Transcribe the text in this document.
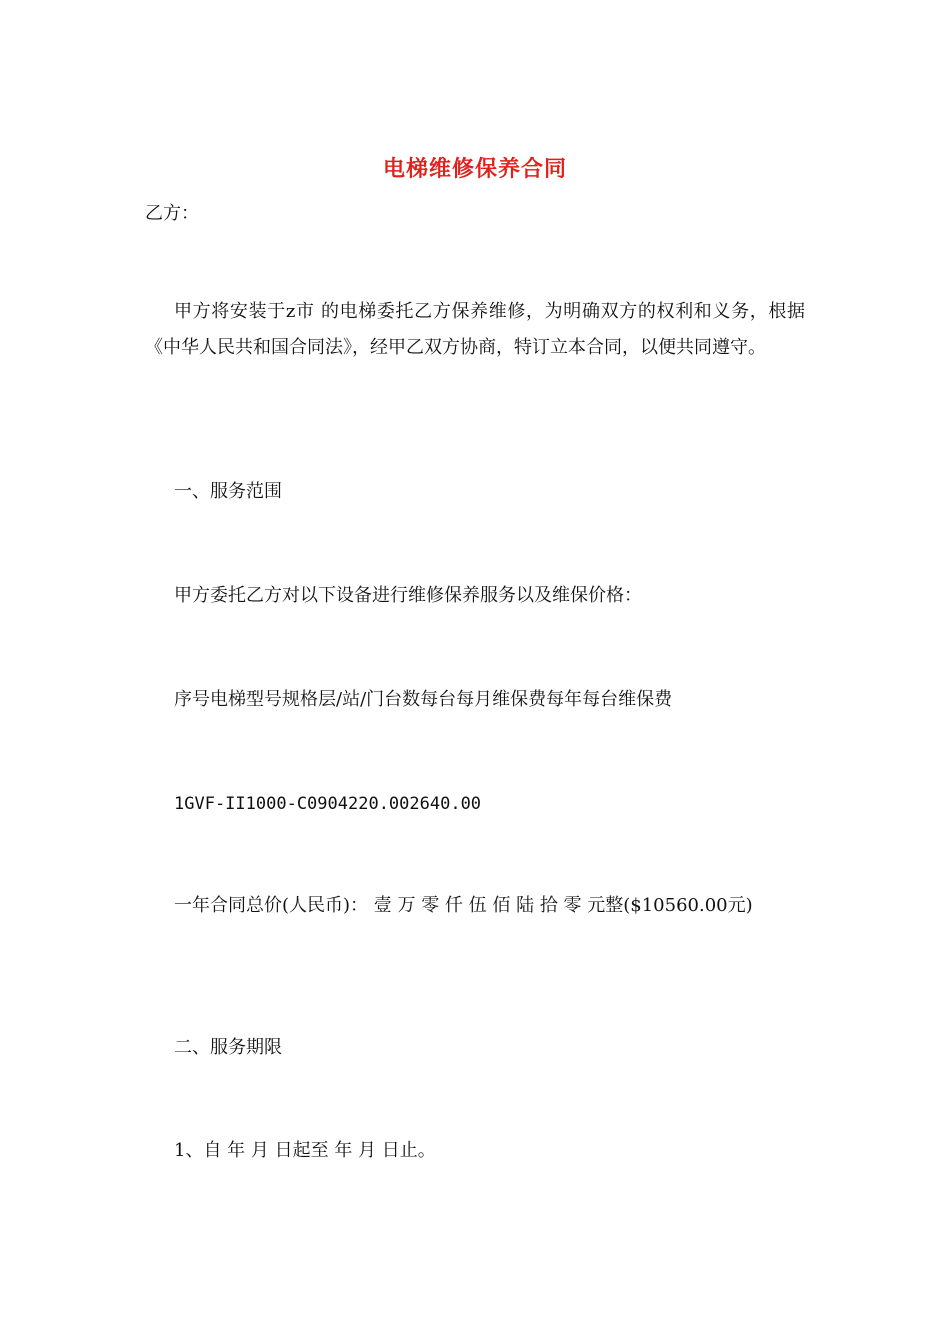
电梯维修保养合同
乙方：
甲方将安装于z市 的电梯委托乙方保养维修，为明确双方的权利和义务，根据《中华人民共和国合同法》，经甲乙双方协商，特订立本合同，以便共同遵守。
一、服务范围
甲方委托乙方对以下设备进行维修保养服务以及维保价格：
序号电梯型号规格层/站/门台数每台每月维保费每年每台维保费
1GVF-II1000-C0904220.002640.00
一年合同总价(人民币)： 壹 万 零 仟 伍 佰 陆 拾 零 元整($10560.00元)
二、服务期限
1、自 年 月 日起至 年 月 日止。
